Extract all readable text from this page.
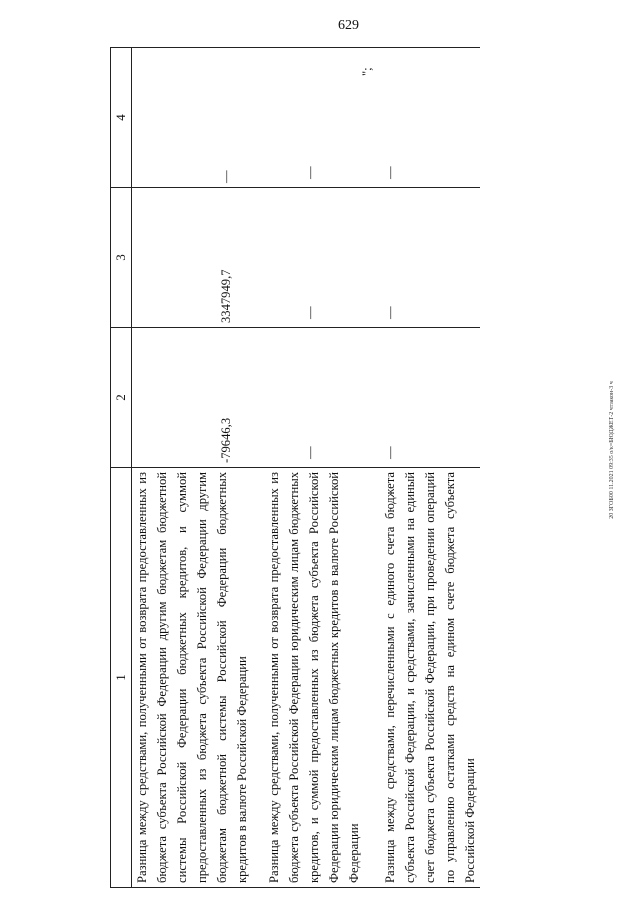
629
20 ЗГОБ00 11.2021 09:35 о/к=БЮДЖЕТ-2 чтзакон-3 ч
1	2	3	4
Разница между средствами, полученными от возврата предоставленных из бюджета субъекта Российской Федерации другим бюджетам бюджетной системы Российской Федерации бюджетных кредитов, и суммой предоставленных из бюджета субъекта Российской Федерации другим бюджетам бюджетной системы Российской Федерации бюджетных кредитов в валюте Российской Федерации	-79646,3	3347949,7	—

Разница между средствами, полученными от возврата предоставленных из бюджета субъекта Российской Федерации юридическим лицам бюджетных кредитов, и суммой предоставленных из бюджета субъекта Российской Федерации юридическим лицам бюджетных кредитов в валюте Российской Федерации	—	—	—

Разница между средствами, перечисленными с единого счета бюджета субъекта Российской Федерации, и средствами, зачисленными на единый счет бюджета субъекта Российской Федерации, при проведении операций по управлению остатками средств на едином счете бюджета субъекта Российской Федерации	—	—	—
";
